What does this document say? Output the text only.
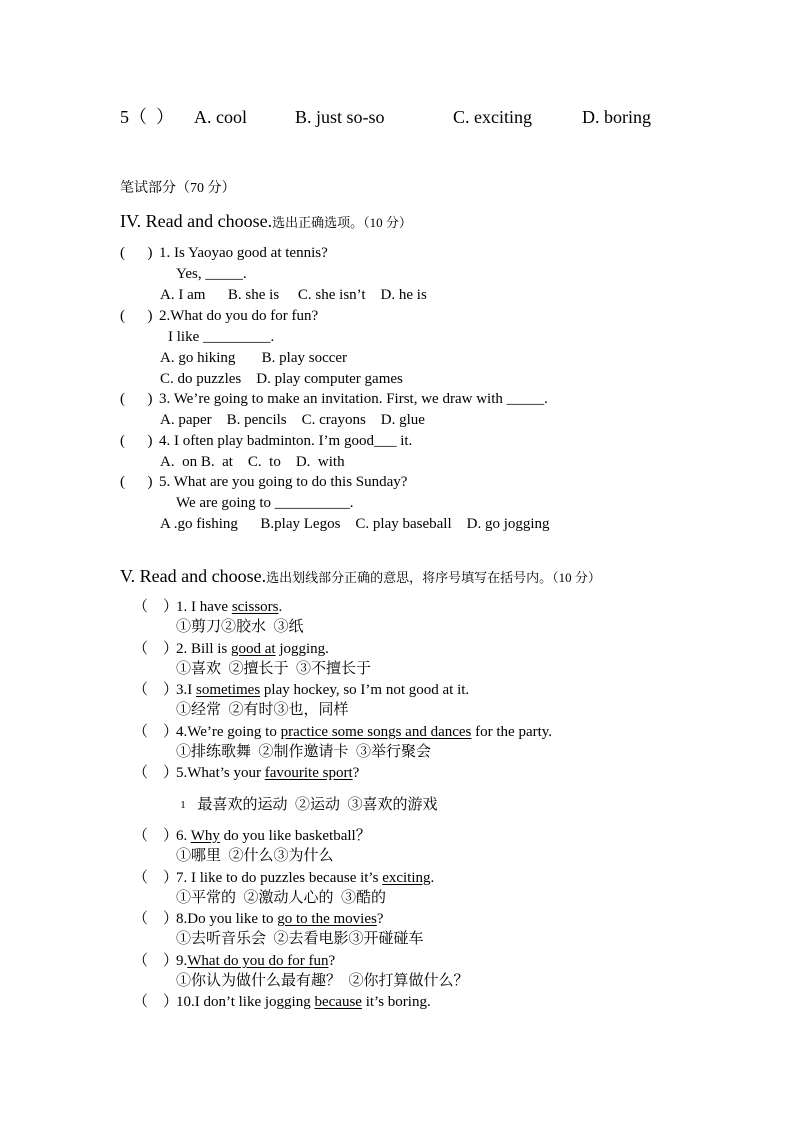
5（  ） A. cool	B. just so-so	C. exciting	D. boring
笔试部分（70 分）
IV. Read and choose.选出正确选项。（10 分）
(      ) 1. Is Yaoyao good at tennis?
Yes, _____.
A. I am      B. she is     C. she isn’t    D. he is
(      ) 2.What do you do for fun?
I like _________.
A. go hiking       B. play soccer
C. do puzzles    D. play computer games
(      ) 3. We’re going to make an invitation. First, we draw with _____.
A. paper    B. pencils    C. crayons    D. glue
(      ) 4. I often play badminton. I’m good___ it.
A.  on B.  at    C.  to    D.  with
(      ) 5. What are you going to do this Sunday?
We are going to __________.
A .go fishing      B.play Legos    C. play baseball    D. go jogging
V. Read and choose.选出划线部分正确的意思，将序号填写在括号内。（10 分）
（    ）
1. I have scissors.
①剪刀②胶水  ③纸
（    ）
2. Bill is good at jogging.
①喜欢  ②擅长于  ③不擅长于
（    ）
3.I sometimes play hockey, so I’m not good at it.
①经常  ②有时③也，同样
（    ）
4.We’re going to practice some songs and dances for the party.
①排练歌舞  ②制作邀请卡  ③举行聚会
（    ）
5.What’s your favourite sport?
1  最喜欢的运动  ②运动  ③喜欢的游戏
（    ）
6. Why do you like basketball？
①哪里  ②什么③为什么
（    ）
7. I like to do puzzles because it’s exciting.
①平常的  ②激动人心的  ③酷的
（    ）
8.Do you like to go to the movies?
①去听音乐会  ②去看电影③开碰碰车
（    ）
9.What do you do for fun?
①你认为做什么最有趣？  ②你打算做什么？
（    ）
10.I don’t like jogging because it’s boring.
